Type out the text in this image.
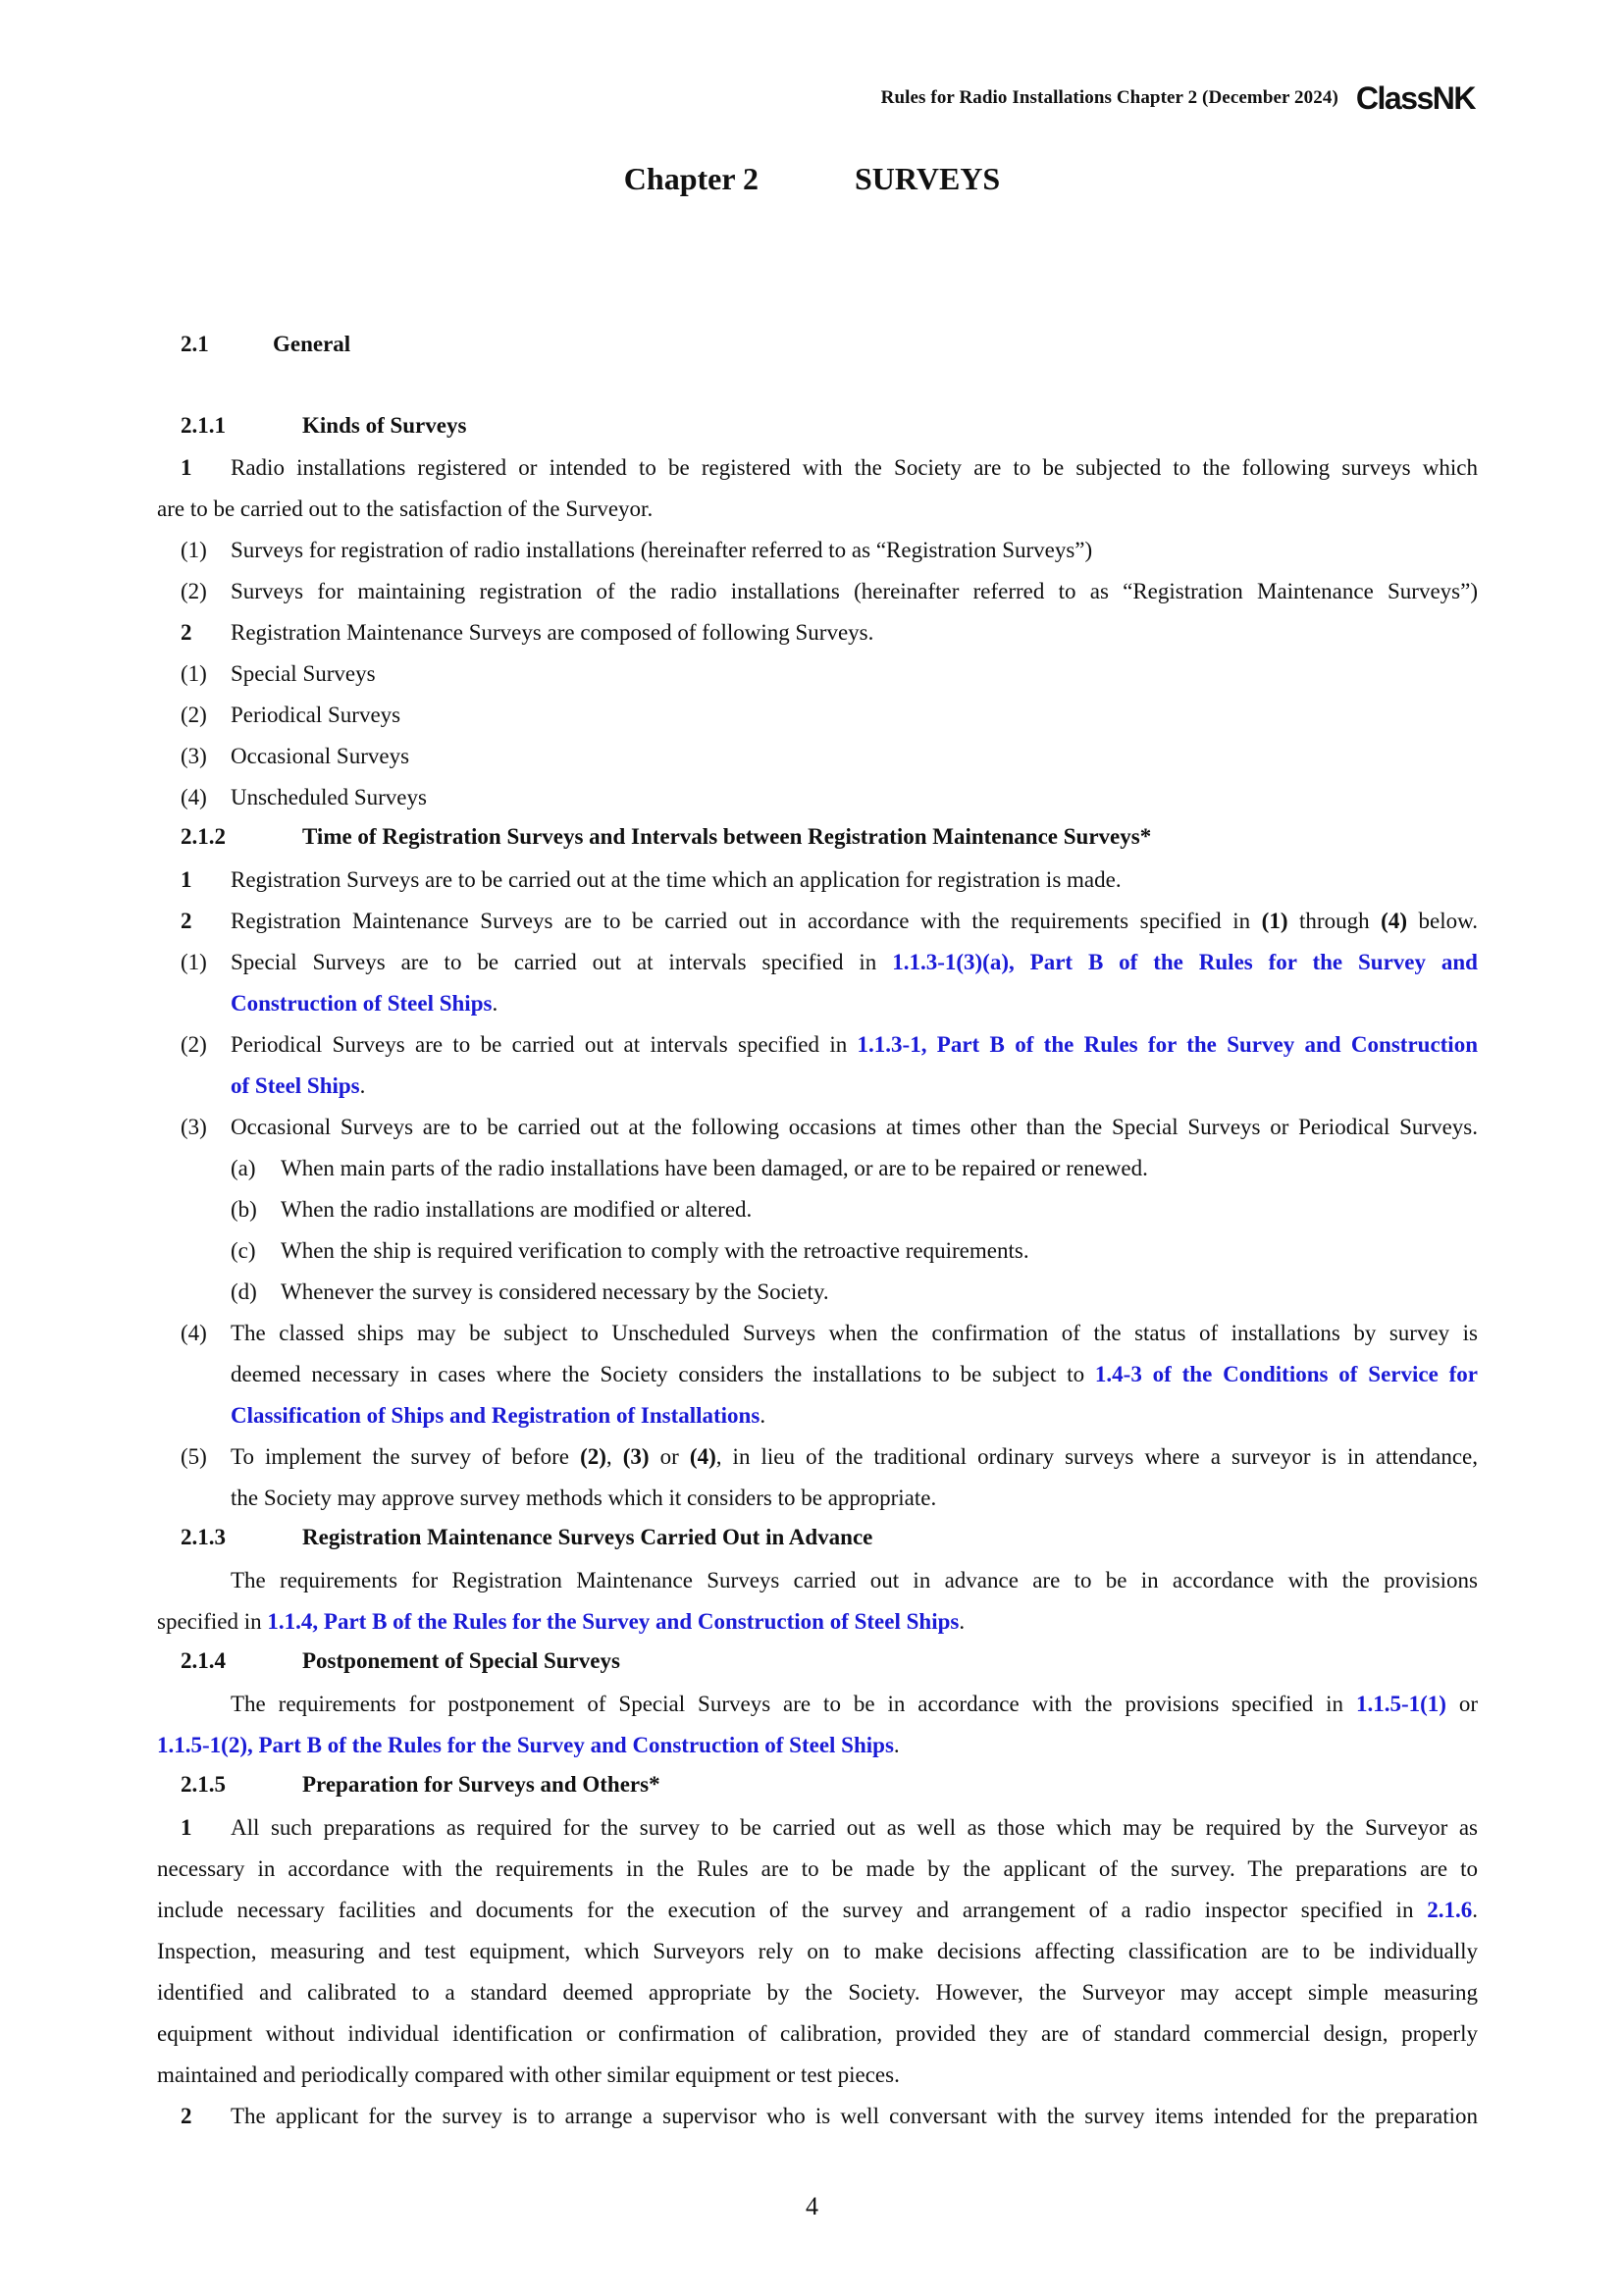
Rules for Radio Installations Chapter 2 (December 2024) ClassNK
Chapter 2	SURVEYS
2.1	General
2.1.1	Kinds of Surveys
1 Radio installations registered or intended to be registered with the Society are to be subjected to the following surveys which
are to be carried out to the satisfaction of the Surveyor.
(1) Surveys for registration of radio installations (hereinafter referred to as “Registration Surveys”)
(2) Surveys for maintaining registration of the radio installations (hereinafter referred to as “Registration Maintenance Surveys”)
2 Registration Maintenance Surveys are composed of following Surveys.
(1) Special Surveys
(2) Periodical Surveys
(3) Occasional Surveys
(4) Unscheduled Surveys
2.1.2	Time of Registration Surveys and Intervals between Registration Maintenance Surveys*
1 Registration Surveys are to be carried out at the time which an application for registration is made.
2 Registration Maintenance Surveys are to be carried out in accordance with the requirements specified in (1) through (4) below.
(1) Special Surveys are to be carried out at intervals specified in 1.1.3-1(3)(a), Part B of the Rules for the Survey and
Construction of Steel Ships.
(2) Periodical Surveys are to be carried out at intervals specified in 1.1.3-1, Part B of the Rules for the Survey and Construction
of Steel Ships.
(3) Occasional Surveys are to be carried out at the following occasions at times other than the Special Surveys or Periodical Surveys.
(a) When main parts of the radio installations have been damaged, or are to be repaired or renewed.
(b) When the radio installations are modified or altered.
(c) When the ship is required verification to comply with the retroactive requirements.
(d) Whenever the survey is considered necessary by the Society.
(4) The classed ships may be subject to Unscheduled Surveys when the confirmation of the status of installations by survey is
deemed necessary in cases where the Society considers the installations to be subject to 1.4-3 of the Conditions of Service for
Classification of Ships and Registration of Installations.
(5) To implement the survey of before (2), (3) or (4), in lieu of the traditional ordinary surveys where a surveyor is in attendance,
the Society may approve survey methods which it considers to be appropriate.
2.1.3	Registration Maintenance Surveys Carried Out in Advance
The requirements for Registration Maintenance Surveys carried out in advance are to be in accordance with the provisions
specified in 1.1.4, Part B of the Rules for the Survey and Construction of Steel Ships.
2.1.4	Postponement of Special Surveys
The requirements for postponement of Special Surveys are to be in accordance with the provisions specified in 1.1.5-1(1) or
1.1.5-1(2), Part B of the Rules for the Survey and Construction of Steel Ships.
2.1.5	Preparation for Surveys and Others*
1 All such preparations as required for the survey to be carried out as well as those which may be required by the Surveyor as
necessary in accordance with the requirements in the Rules are to be made by the applicant of the survey. The preparations are to
include necessary facilities and documents for the execution of the survey and arrangement of a radio inspector specified in 2.1.6.
Inspection, measuring and test equipment, which Surveyors rely on to make decisions affecting classification are to be individually
identified and calibrated to a standard deemed appropriate by the Society. However, the Surveyor may accept simple measuring
equipment without individual identification or confirmation of calibration, provided they are of standard commercial design, properly
maintained and periodically compared with other similar equipment or test pieces.
2 The applicant for the survey is to arrange a supervisor who is well conversant with the survey items intended for the preparation
4
